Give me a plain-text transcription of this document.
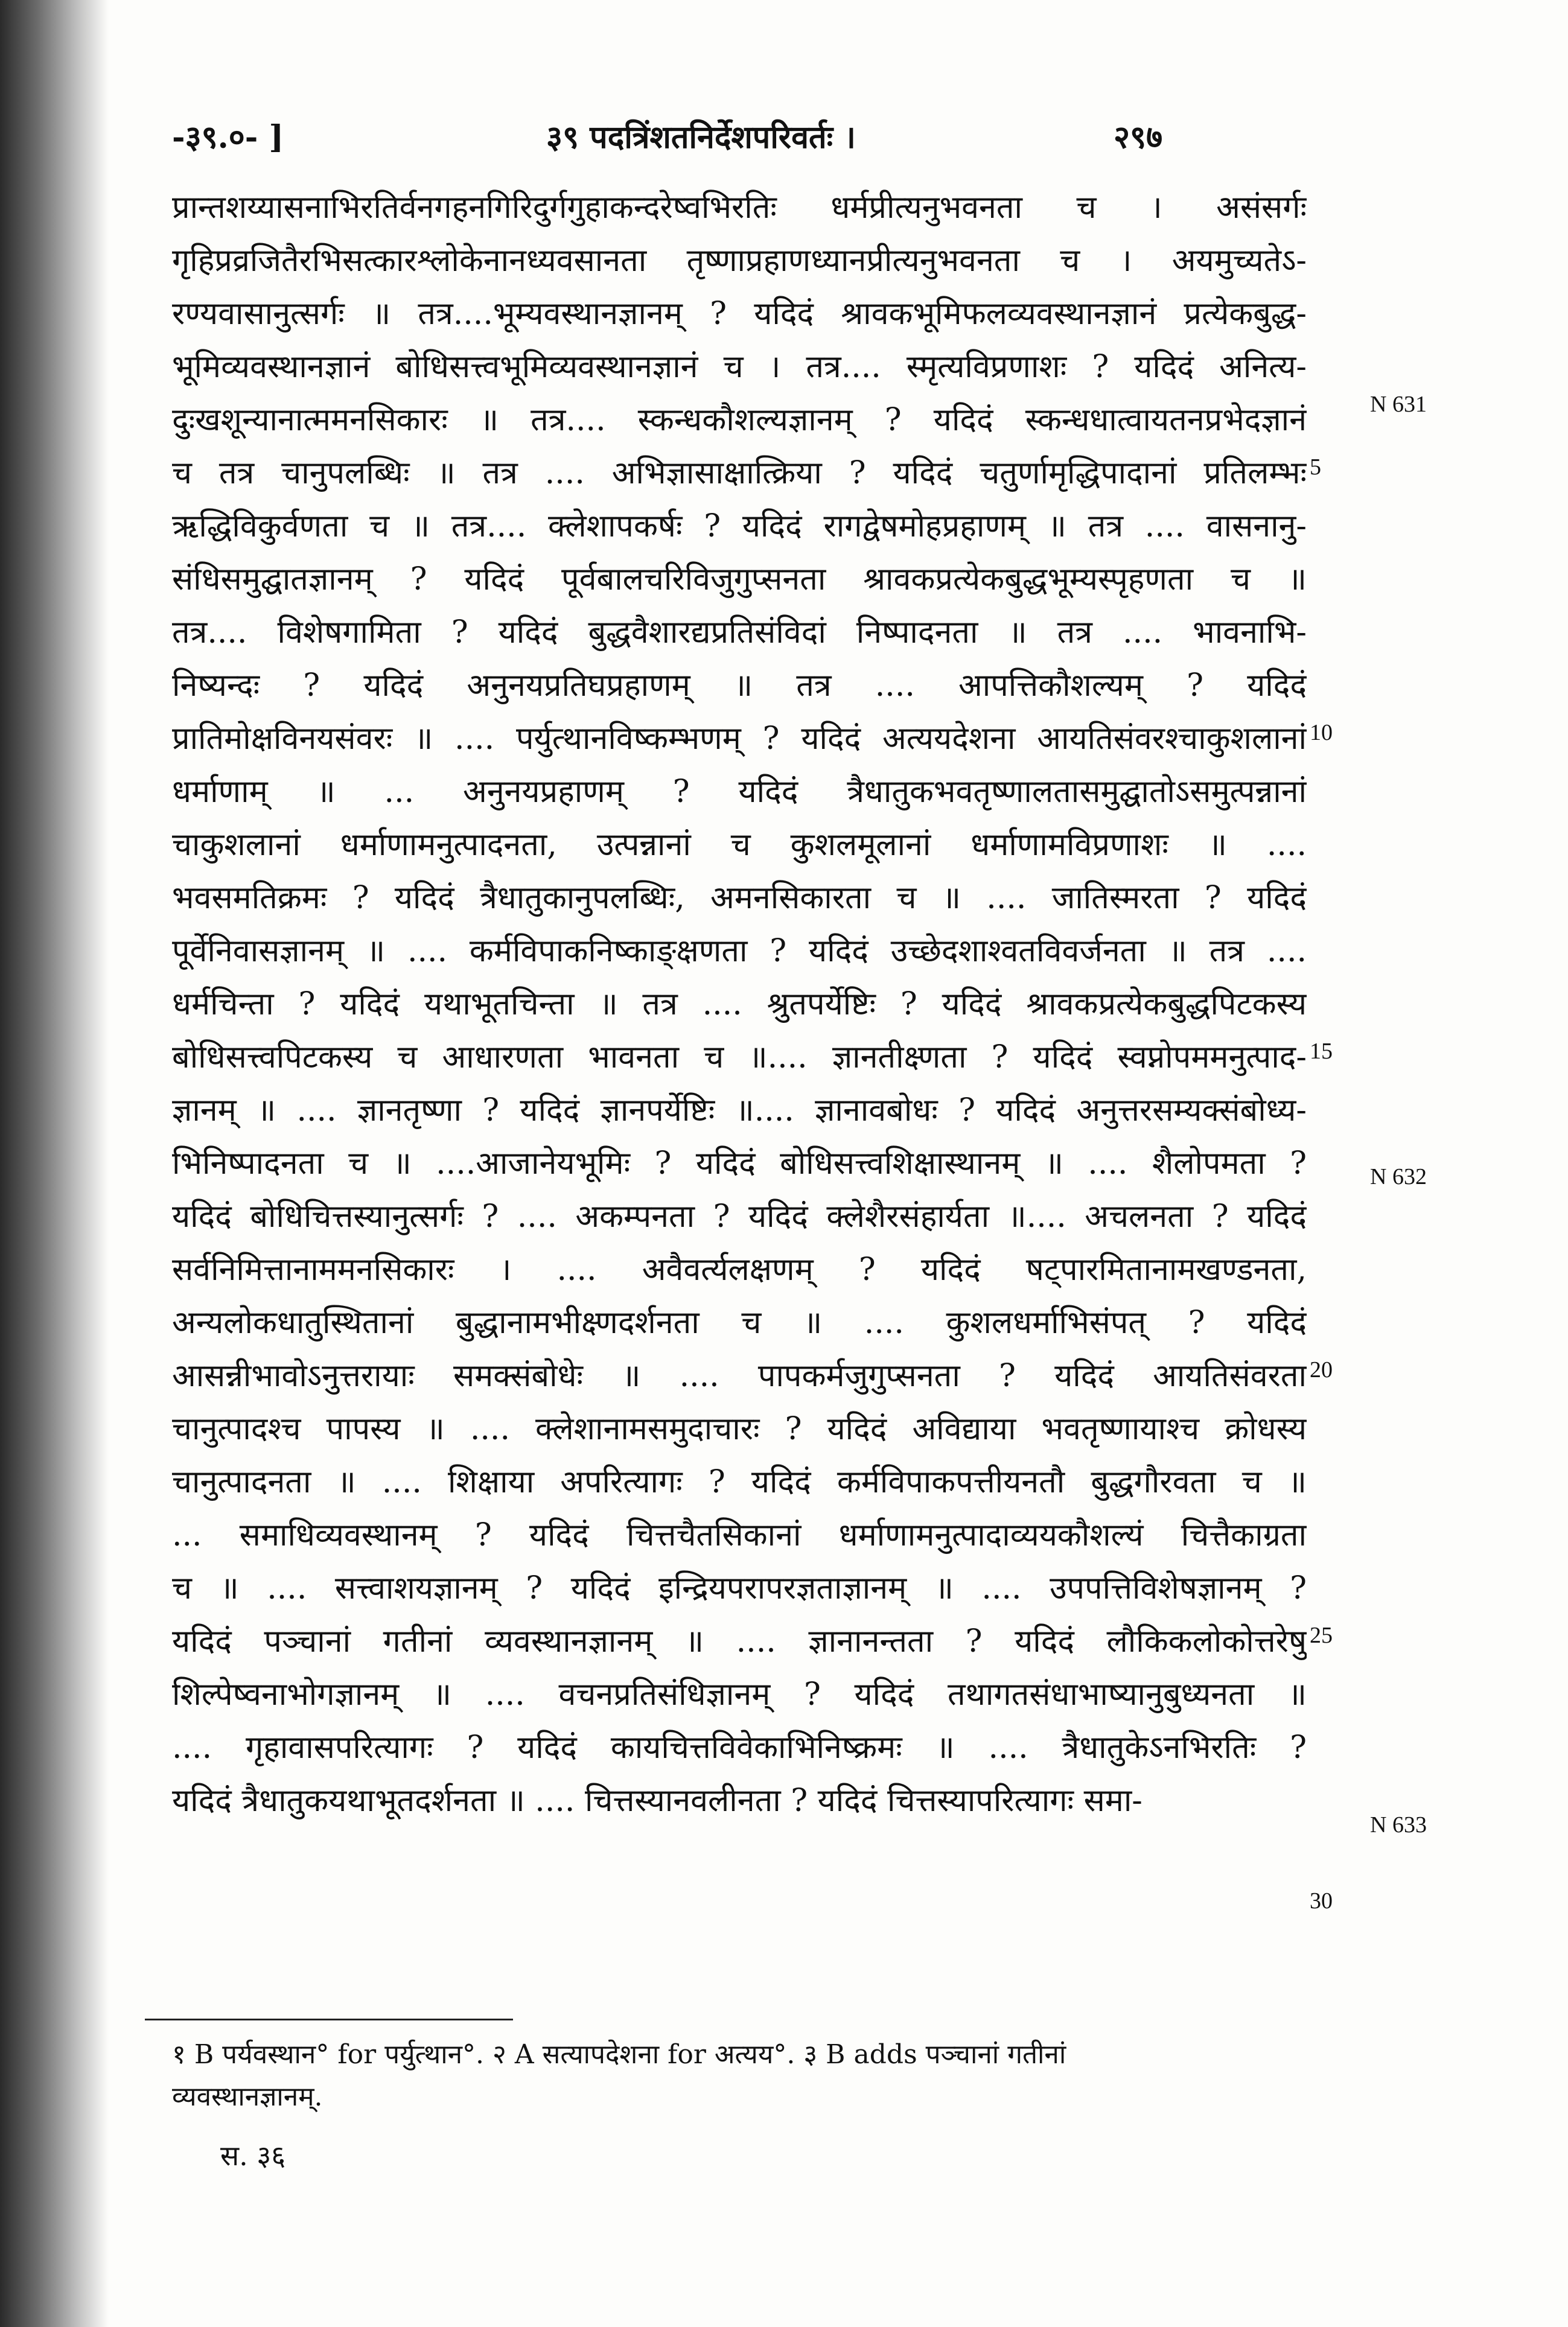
-३९.०- ]	३९ पदत्रिंशतनिर्देशपरिवर्तः ।	२९७
प्रान्तशय्यासनाभिरतिर्वनगहनगिरिदुर्गगुहाकन्दरेष्वभिरतिः धर्मप्रीत्यनुभवनता च । असंसर्गः
गृहिप्रव्रजितैरभिसत्कारश्लोकेनानध्यवसानता तृष्णाप्रहाणध्यानप्रीत्यनुभवनता च । अयमुच्यतेऽ-
रण्यवासानुत्सर्गः ॥ तत्र....भूम्यवस्थानज्ञानम् ? यदिदं श्रावकभूमिफलव्यवस्थानज्ञानं प्रत्येकबुद्ध-
भूमिव्यवस्थानज्ञानं बोधिसत्त्वभूमिव्यवस्थानज्ञानं च । तत्र.... स्मृत्यविप्रणाशः ? यदिदं अनित्य-
दुःखशून्यानात्ममनसिकारः ॥ तत्र.... स्कन्धकौशल्यज्ञानम् ? यदिदं स्कन्धधात्वायतनप्रभेदज्ञानं
च तत्र चानुपलब्धिः ॥ तत्र .... अभिज्ञासाक्षात्क्रिया ? यदिदं चतुर्णामृद्धिपादानां प्रतिलम्भः
ऋद्धिविकुर्वणता च ॥ तत्र.... क्लेशापकर्षः ? यदिदं रागद्वेषमोहप्रहाणम् ॥ तत्र .... वासनानु-
संधिसमुद्घातज्ञानम् ? यदिदं पूर्वबालचरिविजुगुप्सनता श्रावकप्रत्येकबुद्धभूम्यस्पृहणता च ॥
तत्र.... विशेषगामिता ? यदिदं बुद्धवैशारद्यप्रतिसंविदां निष्पादनता ॥ तत्र .... भावनाभि-
निष्यन्दः ? यदिदं अनुनयप्रतिघप्रहाणम् ॥ तत्र .... आपत्तिकौशल्यम् ? यदिदं
प्रातिमोक्षविनयसंवरः ॥ .... पर्युत्थानविष्कम्भणम् ? यदिदं अत्ययदेशना आयतिसंवरश्चाकुशलानां
धर्माणाम् ॥ ... अनुनयप्रहाणम् ? यदिदं त्रैधातुकभवतृष्णालतासमुद्घातोऽसमुत्पन्नानां
चाकुशलानां धर्माणामनुत्पादनता, उत्पन्नानां च कुशलमूलानां धर्माणामविप्रणाशः ॥ ....
भवसमतिक्रमः ? यदिदं त्रैधातुकानुपलब्धिः, अमनसिकारता च ॥ .... जातिस्मरता ? यदिदं
पूर्वेनिवासज्ञानम् ॥ .... कर्मविपाकनिष्काङ्क्षणता ? यदिदं उच्छेदशाश्वतविवर्जनता ॥ तत्र ....
धर्मचिन्ता ? यदिदं यथाभूतचिन्ता ॥ तत्र .... श्रुतपर्येष्टिः ? यदिदं श्रावकप्रत्येकबुद्धपिटकस्य
बोधिसत्त्वपिटकस्य च आधारणता भावनता च ॥.... ज्ञानतीक्ष्णता ? यदिदं स्वप्नोपममनुत्पाद-
ज्ञानम् ॥ .... ज्ञानतृष्णा ? यदिदं ज्ञानपर्येष्टिः ॥.... ज्ञानावबोधः ? यदिदं अनुत्तरसम्यक्संबोध्य-
भिनिष्पादनता च ॥ ....आजानेयभूमिः ? यदिदं बोधिसत्त्वशिक्षास्थानम् ॥ .... शैलोपमता ?
यदिदं बोधिचित्तस्यानुत्सर्गः ? .... अकम्पनता ? यदिदं क्लेशैरसंहार्यता ॥.... अचलनता ? यदिदं
सर्वनिमित्तानाममनसिकारः । .... अवैवर्त्यलक्षणम् ? यदिदं षट्पारमितानामखण्डनता,
अन्यलोकधातुस्थितानां बुद्धानामभीक्ष्णदर्शनता च ॥ .... कुशलधर्माभिसंपत् ? यदिदं
आसन्नीभावोऽनुत्तरायाः समक्संबोधेः ॥ .... पापकर्मजुगुप्सनता ? यदिदं आयतिसंवरता
चानुत्पादश्च पापस्य ॥ .... क्लेशानामसमुदाचारः ? यदिदं अविद्याया भवतृष्णायाश्च क्रोधस्य
चानुत्पादनता ॥ .... शिक्षाया अपरित्यागः ? यदिदं कर्मविपाकपत्तीयनतौ बुद्धगौरवता च ॥
... समाधिव्यवस्थानम् ? यदिदं चित्तचैतसिकानां धर्माणामनुत्पादाव्ययकौशल्यं चित्तैकाग्रता
च ॥ .... सत्त्वाशयज्ञानम् ? यदिदं इन्द्रियपरापरज्ञताज्ञानम् ॥ .... उपपत्तिविशेषज्ञानम् ?
यदिदं पञ्चानां गतीनां व्यवस्थानज्ञानम् ॥ .... ज्ञानानन्तता ? यदिदं लौकिकलोकोत्तरेषु
शिल्पेष्वनाभोगज्ञानम् ॥ .... वचनप्रतिसंधिज्ञानम् ? यदिदं तथागतसंधाभाष्यानुबुध्यनता ॥
.... गृहावासपरित्यागः ? यदिदं कायचित्तविवेकाभिनिष्क्रमः ॥ .... त्रैधातुकेऽनभिरतिः ?
यदिदं त्रैधातुकयथाभूतदर्शनता ॥ .... चित्तस्यानवलीनता ? यदिदं चित्तस्यापरित्यागः समा-
5
10
15
20
25
30
N 631
N 632
N 633
१ B पर्यवस्थान° for पर्युत्थान°. २ A सत्यापदेशना for अत्यय°. ३ B adds पञ्चानां गतीनां
व्यवस्थानज्ञानम्.
स. ३६
